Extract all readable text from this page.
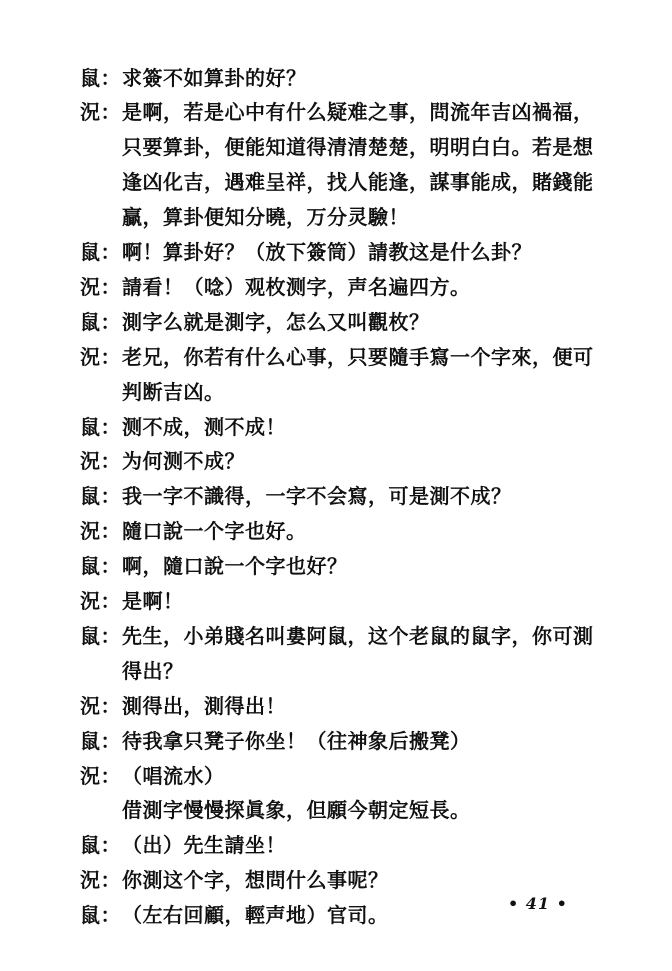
鼠： 求簽不如算卦的好？
況： 是啊，若是心中有什么疑难之事，問流年吉凶禍福，
只要算卦，便能知道得清清楚楚，明明白白。若是想
逢凶化吉，遇难呈祥，找人能逢，謀事能成，賭錢能
贏，算卦便知分曉，万分灵驗！
鼠： 啊！算卦好？（放下簽筒）請教这是什么卦？
況： 請看！（唸）观枚测字，声名遍四方。
鼠： 測字么就是測字，怎么又叫觀枚？
況： 老兄，你若有什么心事，只要隨手寫一个字來，便可
判断吉凶。
鼠： 测不成，测不成！
況： 为何测不成？
鼠： 我一字不識得，一字不会寫，可是測不成？
況： 隨口說一个字也好。
鼠： 啊，隨口說一个字也好？
況： 是啊！
鼠： 先生，小弟賤名叫婁阿鼠，这个老鼠的鼠字，你可測
得出？
況： 測得出，測得出！
鼠： 待我拿只凳子你坐！（往神象后搬凳）
況： （唱流水）
借測字慢慢探眞象，但願今朝定短長。
鼠： （出）先生請坐！
況： 你測这个字，想問什么事呢？
鼠： （左右回顧，輕声地）官司。	• 41 •
